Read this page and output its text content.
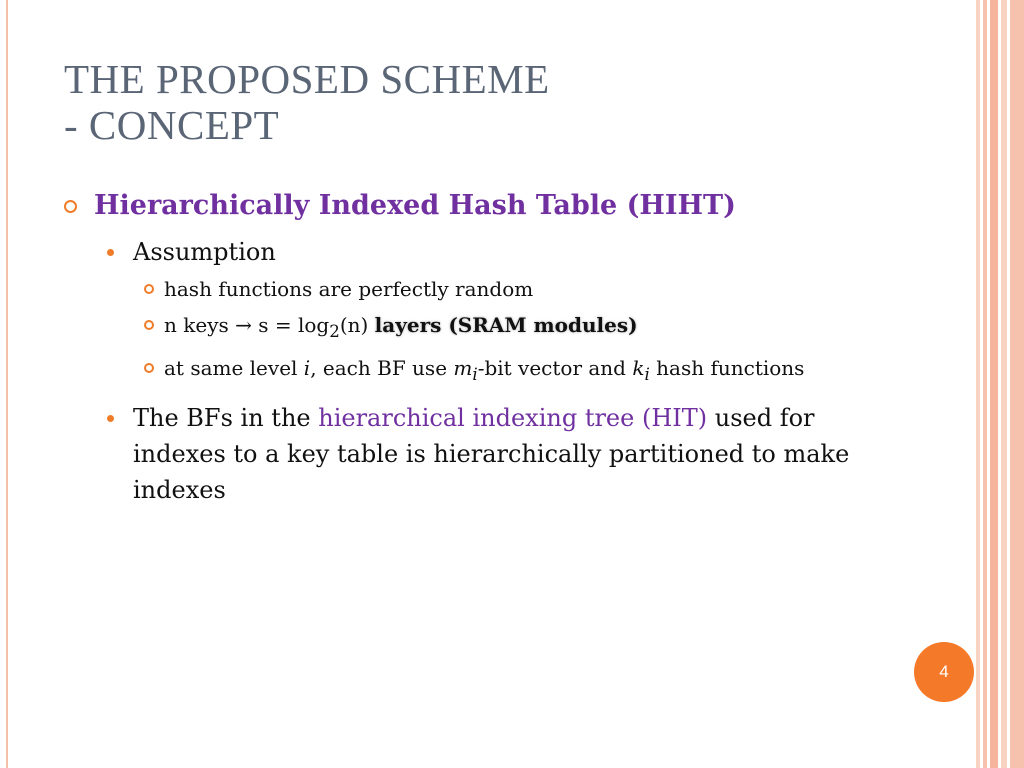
THE PROPOSED SCHEME
- CONCEPT
Hierarchically Indexed Hash Table (HIHT)
Assumption
hash functions are perfectly random
n keys → $s = \log_2(n)$ layers (SRAM modules)
at same level i, each BF use $m_i$-bit vector and $k_i$ hash functions
The BFs in the hierarchical indexing tree (HIT) used for indexes to a key table is hierarchically partitioned to make indexes
4
